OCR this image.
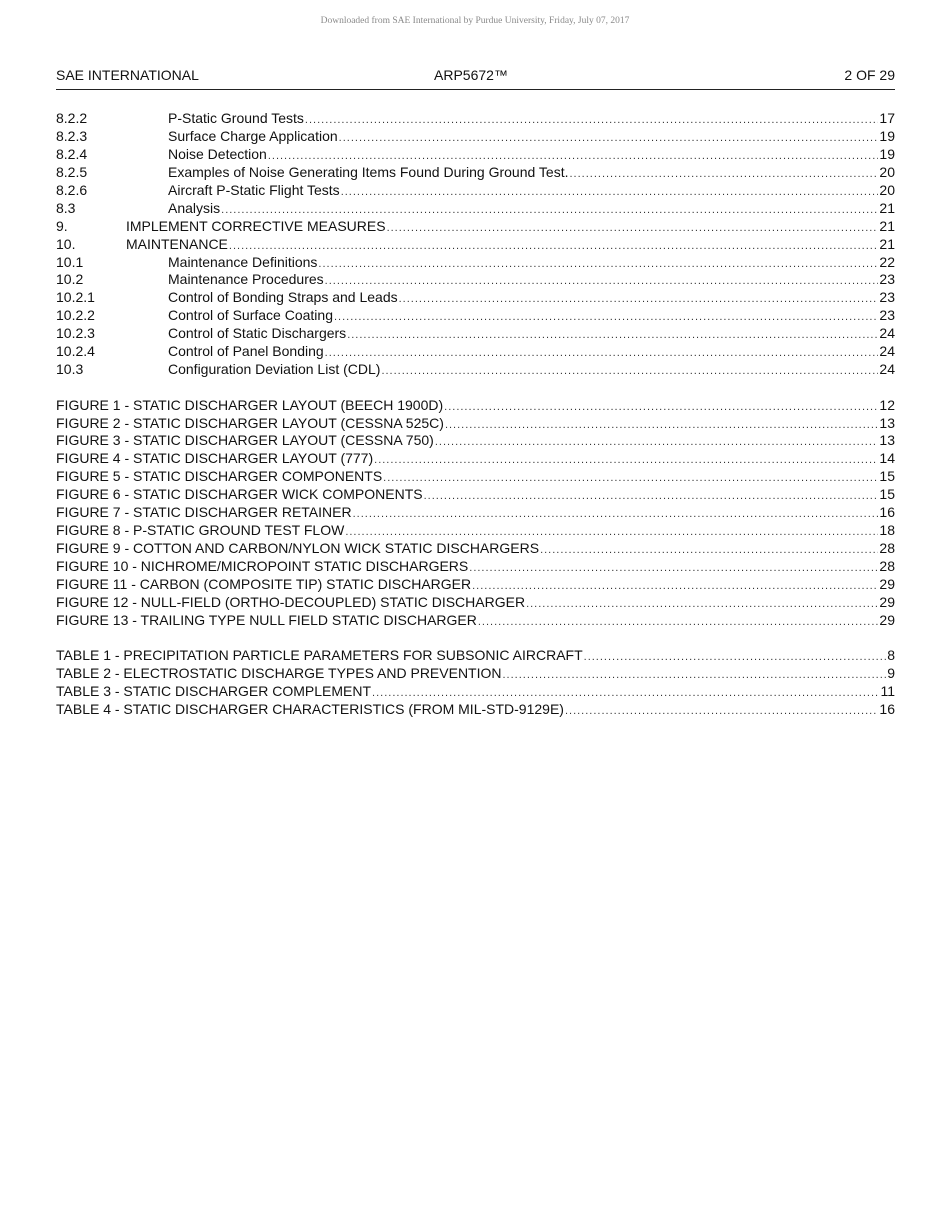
Downloaded from SAE International by Purdue University, Friday, July 07, 2017
SAE INTERNATIONAL	ARP5672™	2 OF 29
8.2.2	P-Static Ground Tests .....	17
8.2.3	Surface Charge Application .....	19
8.2.4	Noise Detection .....	19
8.2.5	Examples of Noise Generating Items Found During Ground Test. .....	20
8.2.6	Aircraft P-Static Flight Tests .....	20
8.3	Analysis .....	21
9.	IMPLEMENT CORRECTIVE MEASURES .....	21
10.	MAINTENANCE .....	21
10.1	Maintenance Definitions .....	22
10.2	Maintenance Procedures .....	23
10.2.1	Control of Bonding Straps and Leads .....	23
10.2.2	Control of Surface Coating .....	23
10.2.3	Control of Static Dischargers .....	24
10.2.4	Control of Panel Bonding .....	24
10.3	Configuration Deviation List (CDL) .....	24
FIGURE 1 - STATIC DISCHARGER LAYOUT (BEECH 1900D) .....	12
FIGURE 2 - STATIC DISCHARGER LAYOUT (CESSNA 525C) .....	13
FIGURE 3 - STATIC DISCHARGER LAYOUT (CESSNA 750) .....	13
FIGURE 4 - STATIC DISCHARGER LAYOUT (777) .....	14
FIGURE 5 - STATIC DISCHARGER COMPONENTS .....	15
FIGURE 6 - STATIC DISCHARGER WICK COMPONENTS .....	15
FIGURE 7 - STATIC DISCHARGER RETAINER .....	16
FIGURE 8 - P-STATIC GROUND TEST FLOW .....	18
FIGURE 9 - COTTON AND CARBON/NYLON WICK STATIC DISCHARGERS .....	28
FIGURE 10 - NICHROME/MICROPOINT STATIC DISCHARGERS .....	28
FIGURE 11 - CARBON (COMPOSITE TIP) STATIC DISCHARGER .....	29
FIGURE 12 - NULL-FIELD (ORTHO-DECOUPLED) STATIC DISCHARGER .....	29
FIGURE 13 - TRAILING TYPE NULL FIELD STATIC DISCHARGER .....	29
TABLE 1 - PRECIPITATION PARTICLE PARAMETERS FOR SUBSONIC AIRCRAFT .....	8
TABLE 2 - ELECTROSTATIC DISCHARGE TYPES AND PREVENTION .....	9
TABLE 3 - STATIC DISCHARGER COMPLEMENT .....	11
TABLE 4 - STATIC DISCHARGER CHARACTERISTICS (FROM MIL-STD-9129E) .....	16
